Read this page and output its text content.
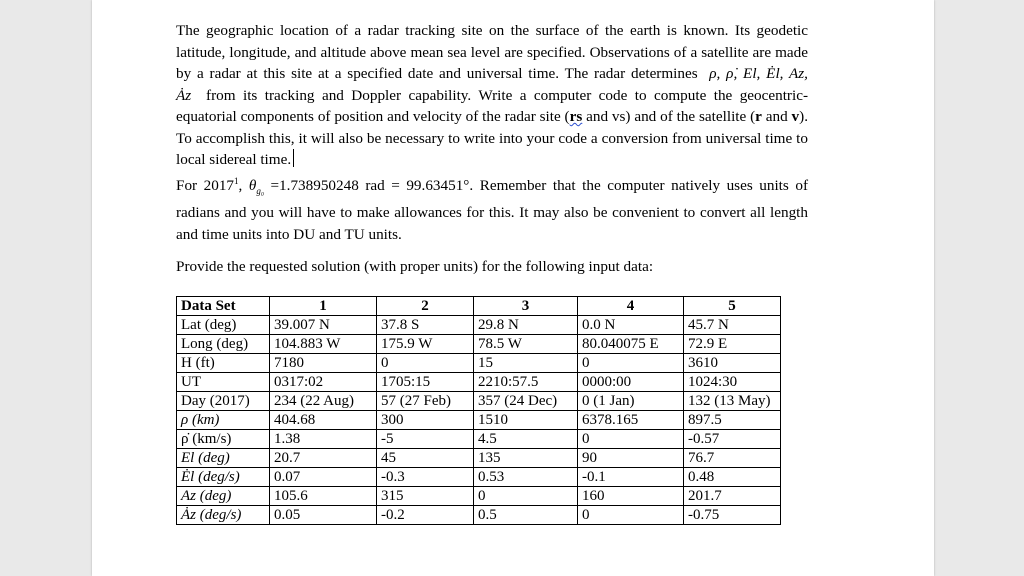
The geographic location of a radar tracking site on the surface of the earth is known. Its geodetic latitude, longitude, and altitude above mean sea level are specified. Observations of a satellite are made by a radar at this site at a specified date and universal time. The radar determines ρ, ρ̇, El, Ėl, Az, Ȧz from its tracking and Doppler capability. Write a computer code to compute the geocentric-equatorial components of position and velocity of the radar site (rs and vs) and of the satellite (r and v). To accomplish this, it will also be necessary to write into your code a conversion from universal time to local sidereal time.
For 2017$^1$, $\theta_{g_0} =1.738950248$ rad = 99.63451°. Remember that the computer natively uses units of radians and you will have to make allowances for this. It may also be convenient to convert all length and time units into DU and TU units.

Provide the requested solution (with proper units) for the following input data:
Data Set	1	2	3	4	5
Lat (deg)	39.007 N	37.8 S	29.8 N	0.0 N	45.7 N
Long (deg)	104.883 W	175.9 W	78.5 W	80.040075 E	72.9 E
H (ft)	7180	0	15	0	3610
UT	0317:02	1705:15	2210:57.5	0000:00	1024:30
Day (2017)	234 (22 Aug)	57 (27 Feb)	357 (24 Dec)	0 (1 Jan)	132 (13 May)
ρ (km)	404.68	300	1510	6378.165	897.5
ρ̇ (km/s)	1.38	-5	4.5	0	-0.57
El (deg)	20.7	45	135	90	76.7
Ėl (deg/s)	0.07	-0.3	0.53	-0.1	0.48
Az (deg)	105.6	315	0	160	201.7
Ȧz (deg/s)	0.05	-0.2	0.5	0	-0.75
